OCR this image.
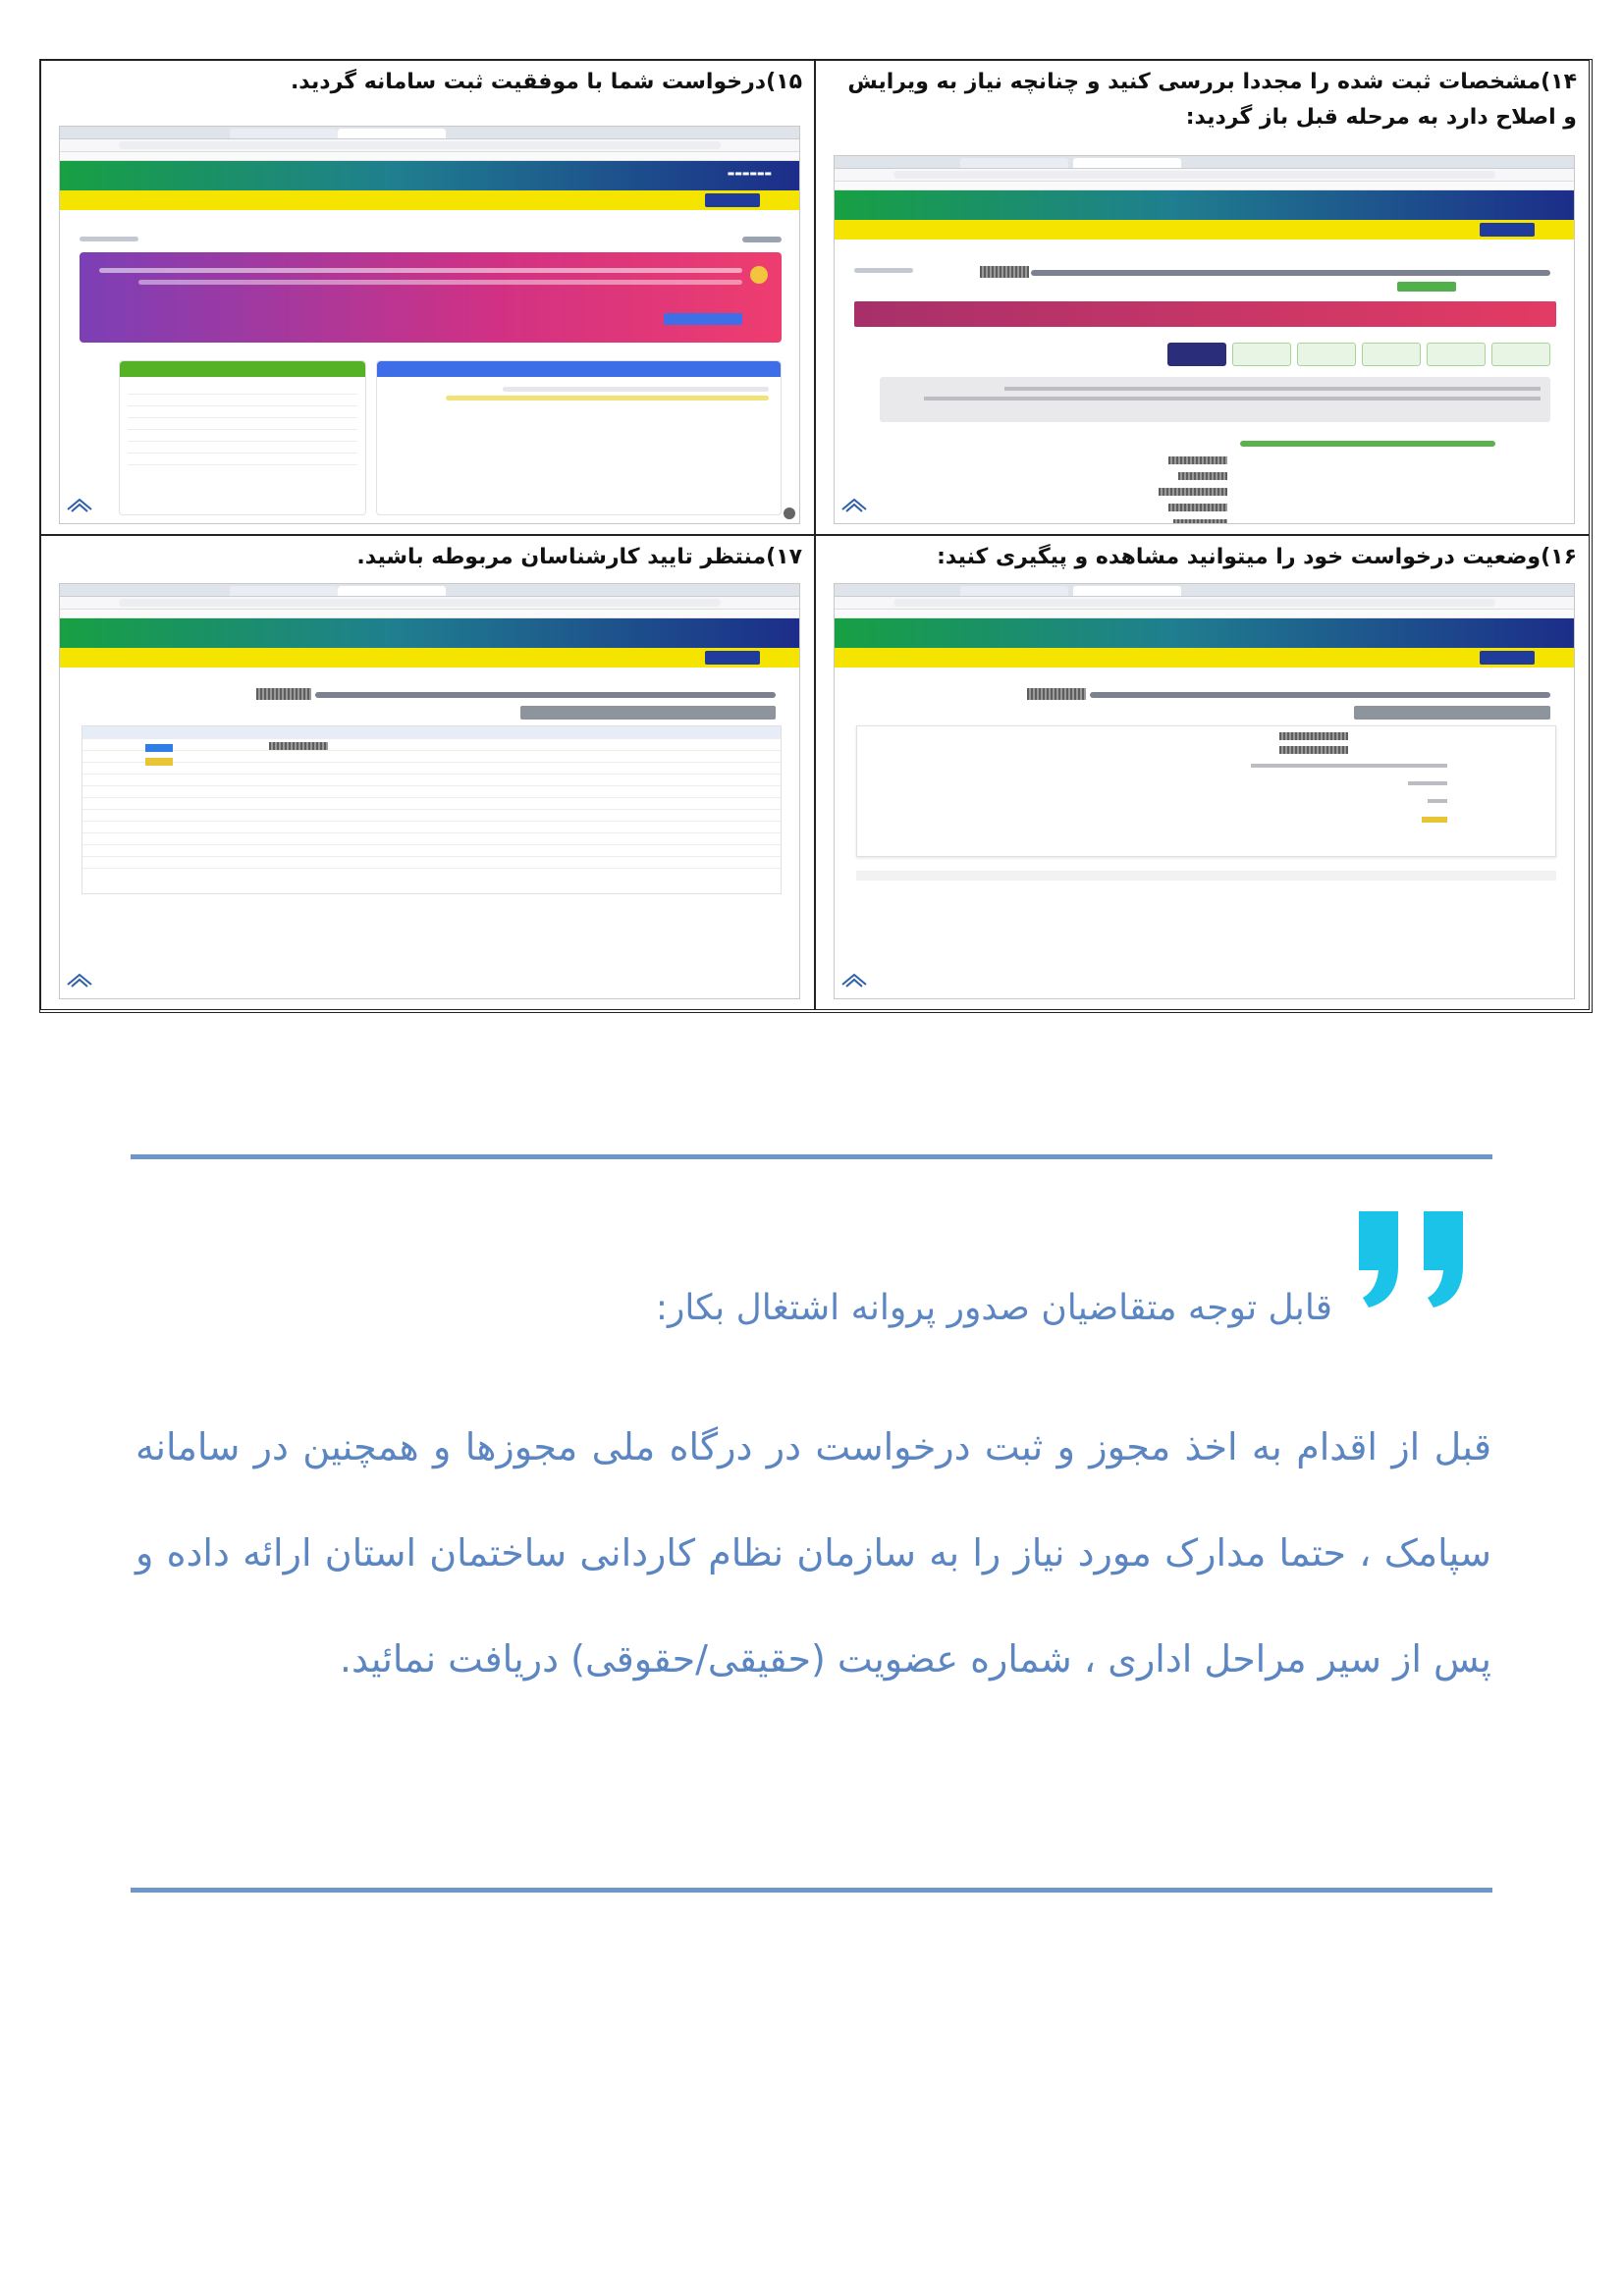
۱۵)درخواست شما با موفقیت ثبت سامانه گردید.
▬▬▬▬▬▬
۱۴)مشخصات ثبت شده را مجددا بررسی کنید و چنانچه نیاز به ویرایش و اصلاح دارد به مرحله قبل باز گردید:
۱۷)منتظر تایید کارشناسان مربوطه باشید.	۱۶)وضعیت درخواست خود را میتوانید مشاهده و پیگیری کنید:
قابل توجه متقاضیان صدور پروانه اشتغال بکار:
قبل از اقدام به اخذ مجوز و ثبت درخواست در درگاه ملی مجوزها و همچنین در سامانه سپامک ، حتما مدارک مورد نیاز را به سازمان نظام کاردانی ساختمان استان ارائه داده و پس از سیر مراحل اداری ، شماره عضویت (حقیقی/حقوقی) دریافت نمائید.
